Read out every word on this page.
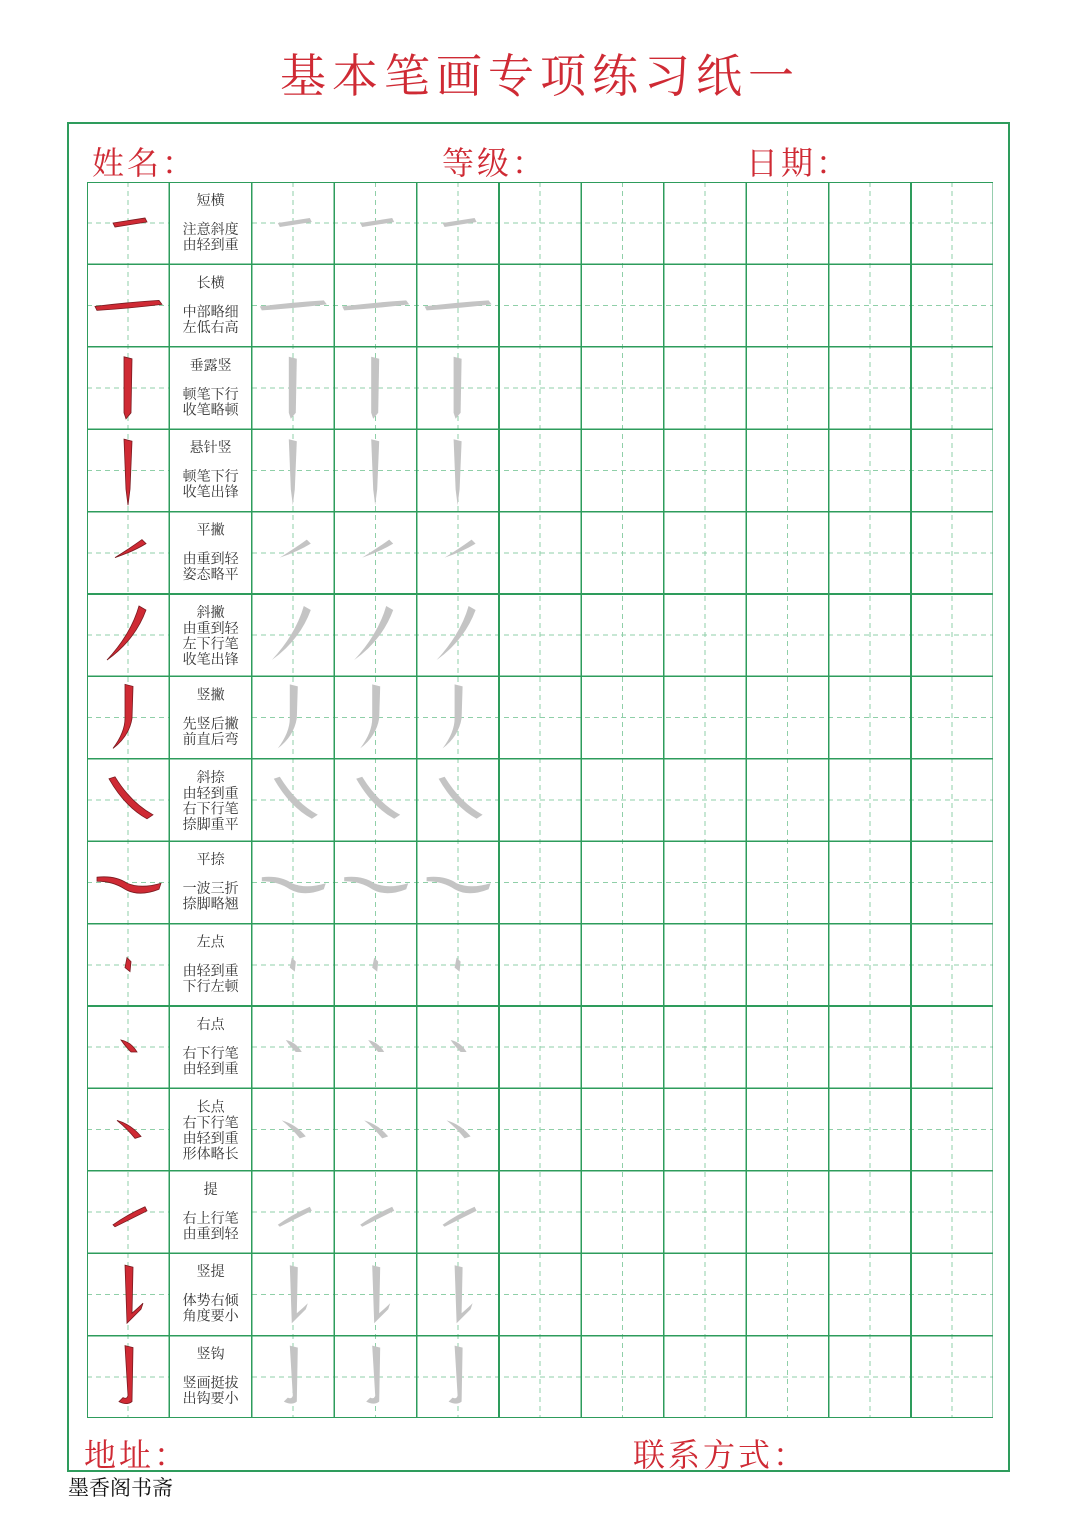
基本笔画专项练习纸一
姓名：	等级：	日期：
短横
注意斜度
由轻到重
长横
中部略细
左低右高
垂露竖
顿笔下行
收笔略顿
悬针竖
顿笔下行
收笔出锋
平撇
由重到轻
姿态略平
斜撇
由重到轻
左下行笔
收笔出锋
竖撇
先竖后撇
前直后弯
斜捺
由轻到重
右下行笔
捺脚重平
平捺
一波三折
捺脚略翘
左点
由轻到重
下行左顿
右点
右下行笔
由轻到重
长点
右下行笔
由轻到重
形体略长
提
右上行笔
由重到轻
竖提
体势右倾
角度要小
竖钩
竖画挺拔
出钩要小
地址：	联系方式：
墨香阁书斋
